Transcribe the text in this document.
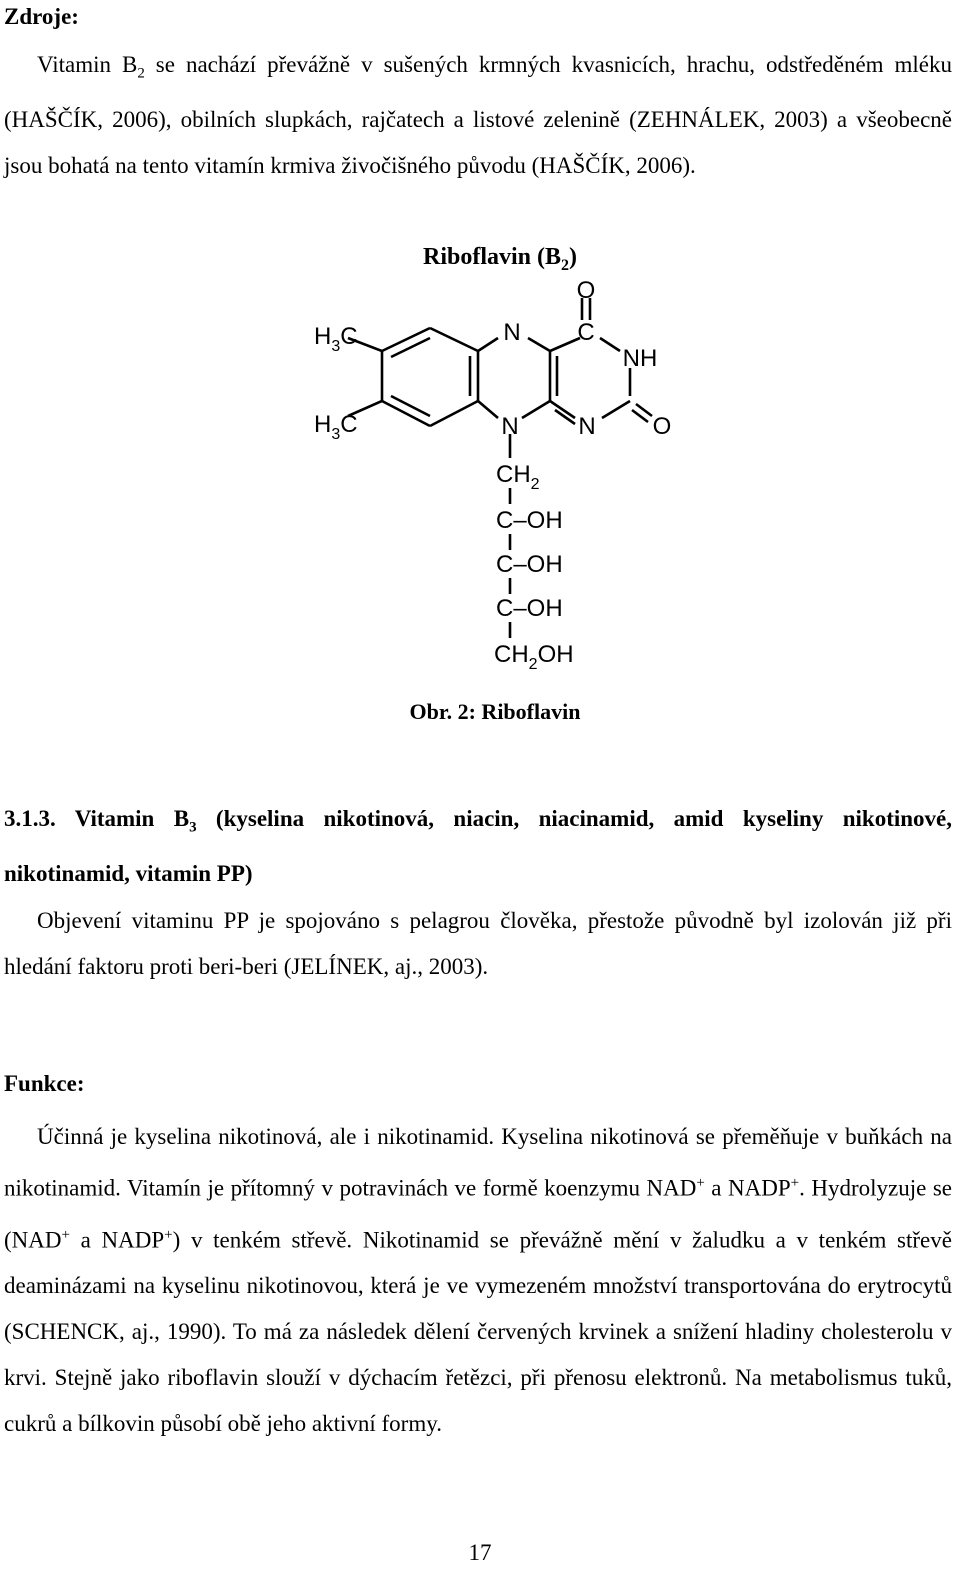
Zdroje:

Vitamin $B_2$ se nachází převážně v sušených krmných kvasnicích, hrachu, odstředěném mléku (HAŠČÍK, 2006), obilních slupkách, rajčatech a listové zelenině (ZEHNÁLEK, 2003) a všeobecně jsou bohatá na tento vitamín krmiva živočišného původu (HAŠČÍK, 2006).

Riboflavin $(B_2)$
O
C
N
NH
N O
N
$H_3C$
$H_3C$
$CH_2$
C–OH
C–OH
C–OH
$CH_2OH$

Obr. 2: Riboflavin

3.1.3. Vitamin $B_3$ (kyselina nikotinová, niacin, niacinamid, amid kyseliny nikotinové, nikotinamid, vitamin PP)

Objevení vitaminu PP je spojováno s pelagrou člověka, přestože původně byl izolován již při hledání faktoru proti beri-beri (JELÍNEK, aj., 2003).

Funkce:

Účinná je kyselina nikotinová, ale i nikotinamid. Kyselina nikotinová se přeměňuje v buňkách na nikotinamid. Vitamín je přítomný v potravinách ve formě koenzymu NAD+ a NADP+. Hydrolyzuje se (NAD+ a NADP+) v tenkém střevě. Nikotinamid se převážně mění v žaludku a v tenkém střevě deaminázami na kyselinu nikotinovou, která je ve vymezeném množství transportována do erytrocytů (SCHENCK, aj., 1990). To má za následek dělení červených krvinek a snížení hladiny cholesterolu v krvi. Stejně jako riboflavin slouží v dýchacím řetězci, při přenosu elektronů. Na metabolismus tuků, cukrů a bílkovin působí obě jeho aktivní formy.

17
